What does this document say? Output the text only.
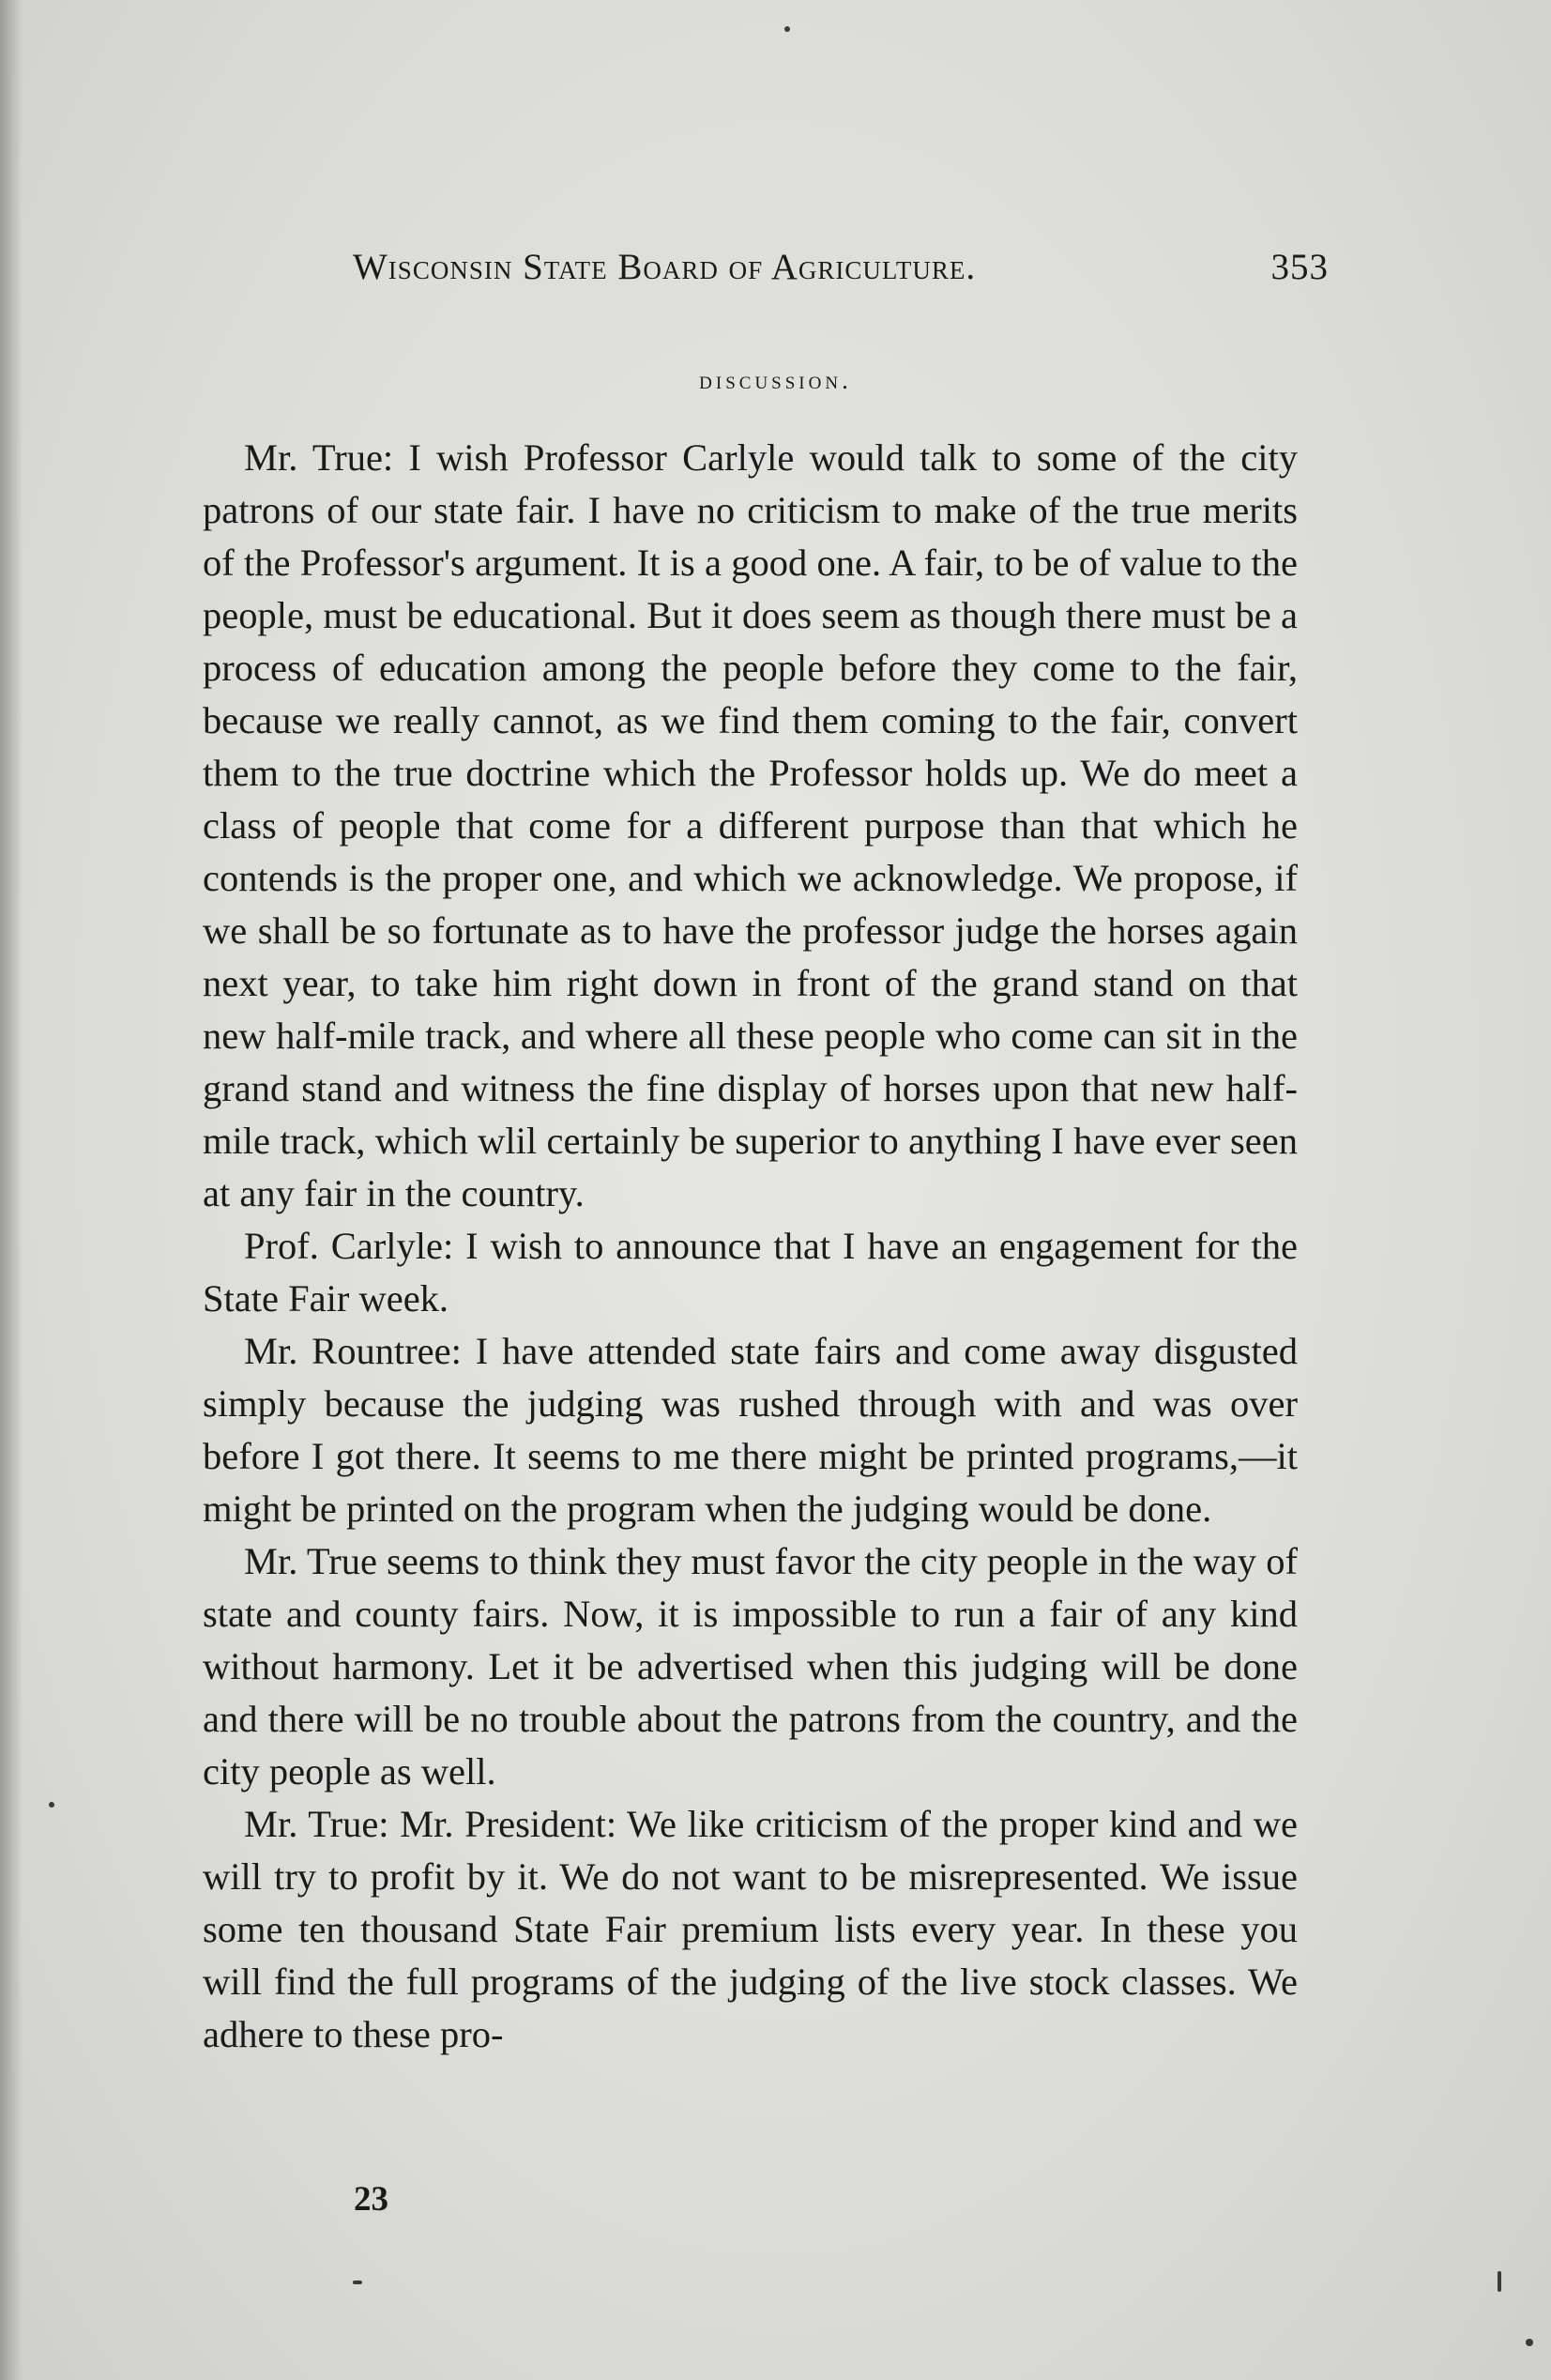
Wisconsin State Board of Agriculture.	353
discussion.

Mr. True: I wish Professor Carlyle would talk to some of the city patrons of our state fair. I have no criticism to make of the true merits of the Professor's argument. It is a good one. A fair, to be of value to the people, must be educational. But it does seem as though there must be a process of education among the people before they come to the fair, because we really cannot, as we find them coming to the fair, convert them to the true doctrine which the Professor holds up. We do meet a class of people that come for a different purpose than that which he contends is the proper one, and which we acknowledge. We propose, if we shall be so fortunate as to have the professor judge the horses again next year, to take him right down in front of the grand stand on that new half-mile track, and where all these people who come can sit in the grand stand and witness the fine display of horses upon that new half-mile track, which wlil certainly be superior to anything I have ever seen at any fair in the country.

Prof. Carlyle: I wish to announce that I have an engagement for the State Fair week.

Mr. Rountree: I have attended state fairs and come away disgusted simply because the judging was rushed through with and was over before I got there. It seems to me there might be printed programs,—it might be printed on the program when the judging would be done.

Mr. True seems to think they must favor the city people in the way of state and county fairs. Now, it is impossible to run a fair of any kind without harmony. Let it be advertised when this judging will be done and there will be no trouble about the patrons from the country, and the city people as well.

Mr. True: Mr. President: We like criticism of the proper kind and we will try to profit by it. We do not want to be misrepresented. We issue some ten thousand State Fair premium lists every year. In these you will find the full programs of the judging of the live stock classes. We adhere to these pro-

23
